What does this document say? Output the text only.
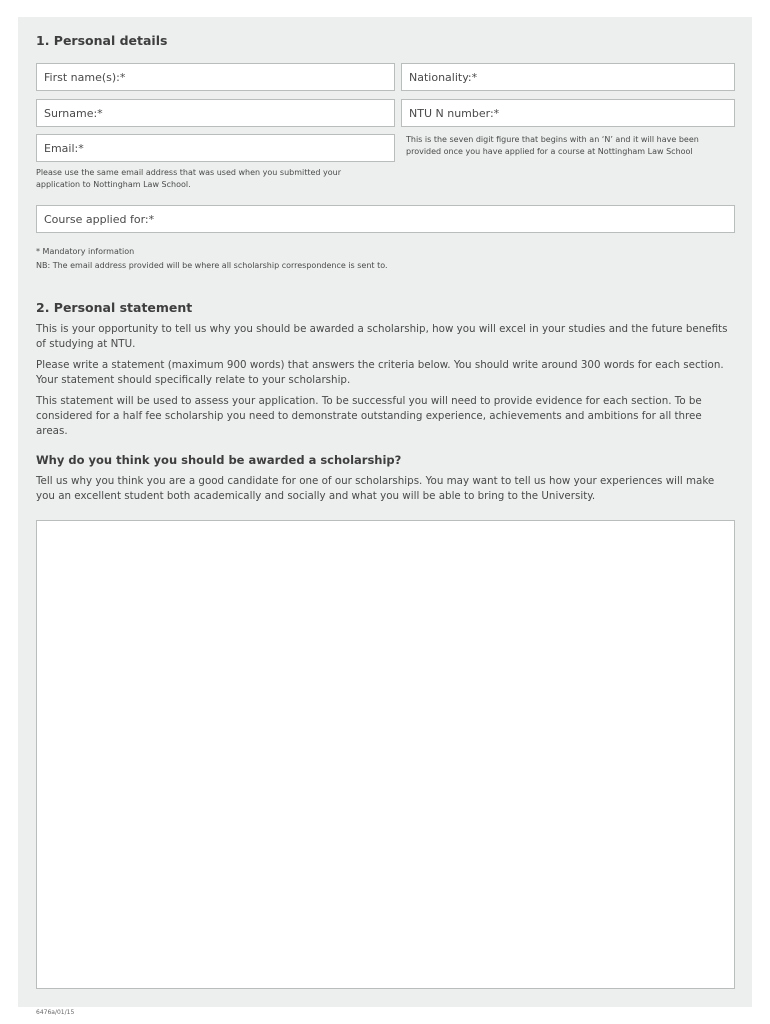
1. Personal details
First name(s):*	Nationality:*
Surname:*	NTU N number:*
Email:*
This is the seven digit figure that begins with an ‘N’ and it will have been provided once you have applied for a course at Nottingham Law School
Please use the same email address that was used when you submitted your application to Nottingham Law School.
Course applied for:*
* Mandatory information
NB: The email address provided will be where all scholarship correspondence is sent to.
2. Personal statement

This is your opportunity to tell us why you should be awarded a scholarship, how you will excel in your studies and the future benefits of studying at NTU.

Please write a statement (maximum 900 words) that answers the criteria below. You should write around 300 words for each section. Your statement should specifically relate to your scholarship.

This statement will be used to assess your application. To be successful you will need to provide evidence for each section. To be considered for a half fee scholarship you need to demonstrate outstanding experience, achievements and ambitions for all three areas.

Why do you think you should be awarded a scholarship?

Tell us why you think you are a good candidate for one of our scholarships. You may want to tell us how your experiences will make you an excellent student both academically and socially and what you will be able to bring to the University.

6476a/01/15
